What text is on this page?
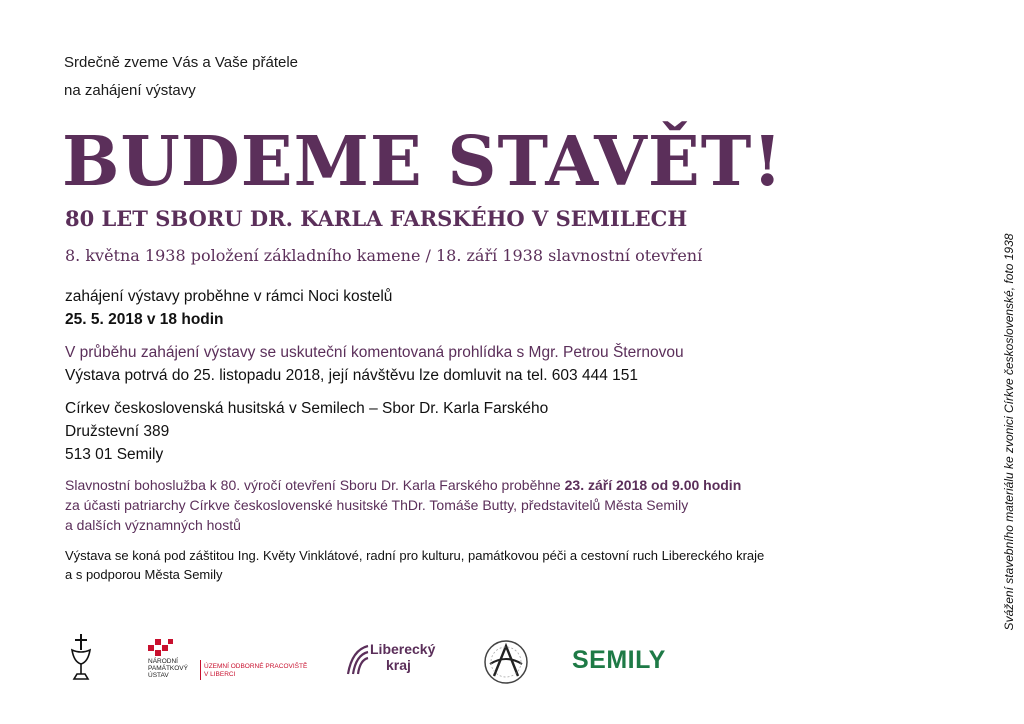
Srdečně zveme Vás a Vaše přátele
na zahájení výstavy
BUDEME STAVĚT!
80 LET SBORU DR. KARLA FARSKÉHO V SEMILECH
8. května 1938 položení základního kamene / 18. září 1938 slavnostní otevření
zahájení výstavy proběhne v rámci Noci kostelů
25. 5. 2018 v 18 hodin
V průběhu zahájení výstavy se uskuteční komentovaná prohlídka s Mgr. Petrou Šternovou
Výstava potrvá do 25. listopadu 2018, její návštěvu lze domluvit na tel. 603 444 151
Církev československá husitská v Semilech – Sbor Dr. Karla Farského
Družstevní 389
513 01 Semily
Slavnostní bohoslužba k 80. výročí otevření Sboru Dr. Karla Farského proběhne 23. září 2018 od 9.00 hodin
za účasti patriarchy Církve československé husitské ThDr. Tomáše Butty, představitelů Města Semily
a dalších významných hostů
Výstava se koná pod záštitou Ing. Květy Vinklátové, radní pro kulturu, památkovou péči a cestovní ruch Libereckého kraje
a s podporou Města Semily	Svážení stavebního materiálu ke zvonici Církve československé, foto 1938
NÁRODNÍ
PAMÁTKOVÝ
ÚSTAV
ÚZEMNÍ ODBORNÉ PRACOVIŠTĚ
V LIBERCI
Liberecký
kraj	SEMILY
